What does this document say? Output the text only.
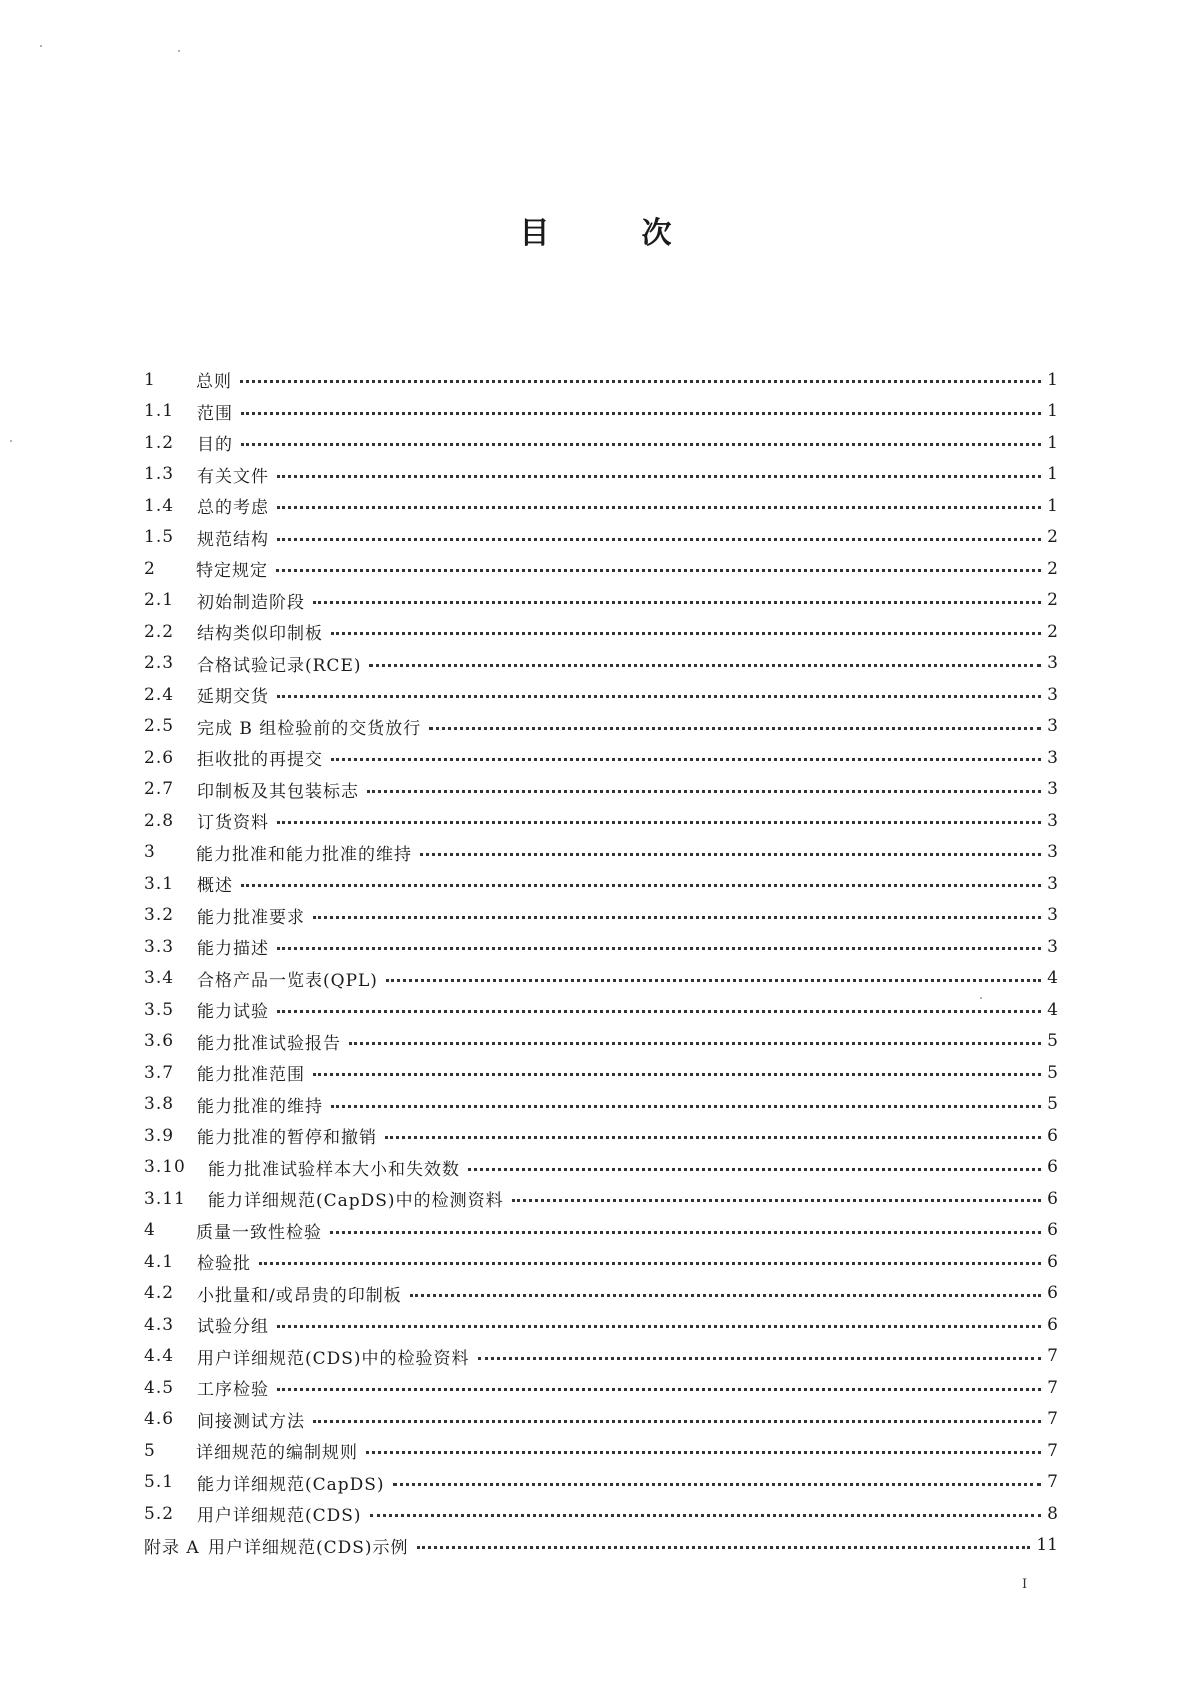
目	次
1	总则	1
1.1	范围	1
1.2	目的	1
1.3	有关文件	1
1.4	总的考虑	1
1.5	规范结构	2
2	特定规定	2
2.1	初始制造阶段	2
2.2	结构类似印制板	2
2.3	合格试验记录(RCE)	3
2.4	延期交货	3
2.5	完成 B 组检验前的交货放行	3
2.6	拒收批的再提交	3
2.7	印制板及其包装标志	3
2.8	订货资料	3
3	能力批准和能力批准的维持	3
3.1	概述	3
3.2	能力批准要求	3
3.3	能力描述	3
3.4	合格产品一览表(QPL)	4
3.5	能力试验	4
3.6	能力批准试验报告	5
3.7	能力批准范围	5
3.8	能力批准的维持	5
3.9	能力批准的暂停和撤销	6
3.10	能力批准试验样本大小和失效数	6
3.11	能力详细规范(CapDS)中的检测资料	6
4	质量一致性检验	6
4.1	检验批	6
4.2	小批量和/或昂贵的印制板	6
4.3	试验分组	6
4.4	用户详细规范(CDS)中的检验资料	7
4.5	工序检验	7
4.6	间接测试方法	7
5	详细规范的编制规则	7
5.1	能力详细规范(CapDS)	7
5.2	用户详细规范(CDS)	8
附录 A 用户详细规范(CDS)示例	11
I
